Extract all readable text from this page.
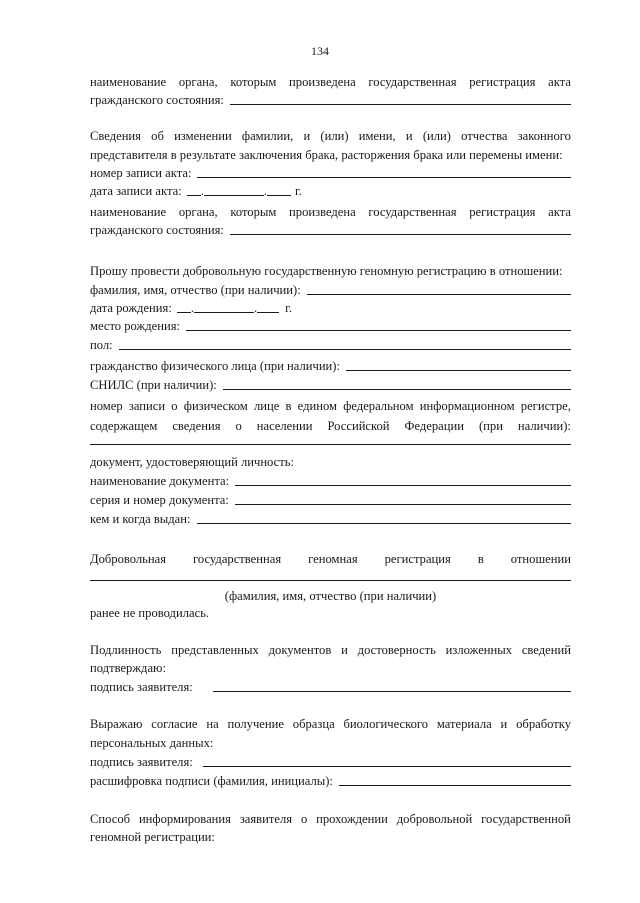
134
наименование органа, которым произведена государственная регистрация акта
гражданского состояния:
Сведения об изменении фамилии, и (или) имени, и (или) отчества законного
представителя в результате заключения брака, расторжения брака или перемены имени:
номер записи акта:
дата записи акта: .	. г.
наименование органа, которым произведена государственная регистрация акта
гражданского состояния:
Прошу провести добровольную государственную геномную регистрацию в отношении:
фамилия, имя, отчество (при наличии):
дата рождения: .	. г.
место рождения:
пол:
гражданство физического лица (при наличии):
СНИЛС (при наличии):
номер записи о физическом лице в едином федеральном информационном регистре,
содержащем сведения о населении Российской Федерации (при наличии):
документ, удостоверяющий личность:
наименование документа:
серия и номер документа:
кем и когда выдан:
Добровольная государственная геномная регистрация в отношении
(фамилия, имя, отчество (при наличии)
ранее не проводилась.
Подлинность представленных документов и достоверность изложенных сведений
подтверждаю:
подпись заявителя:
Выражаю согласие на получение образца биологического материала и обработку
персональных данных:
подпись заявителя:
расшифровка подписи (фамилия, инициалы):
Способ информирования заявителя о прохождении добровольной государственной
геномной регистрации:
